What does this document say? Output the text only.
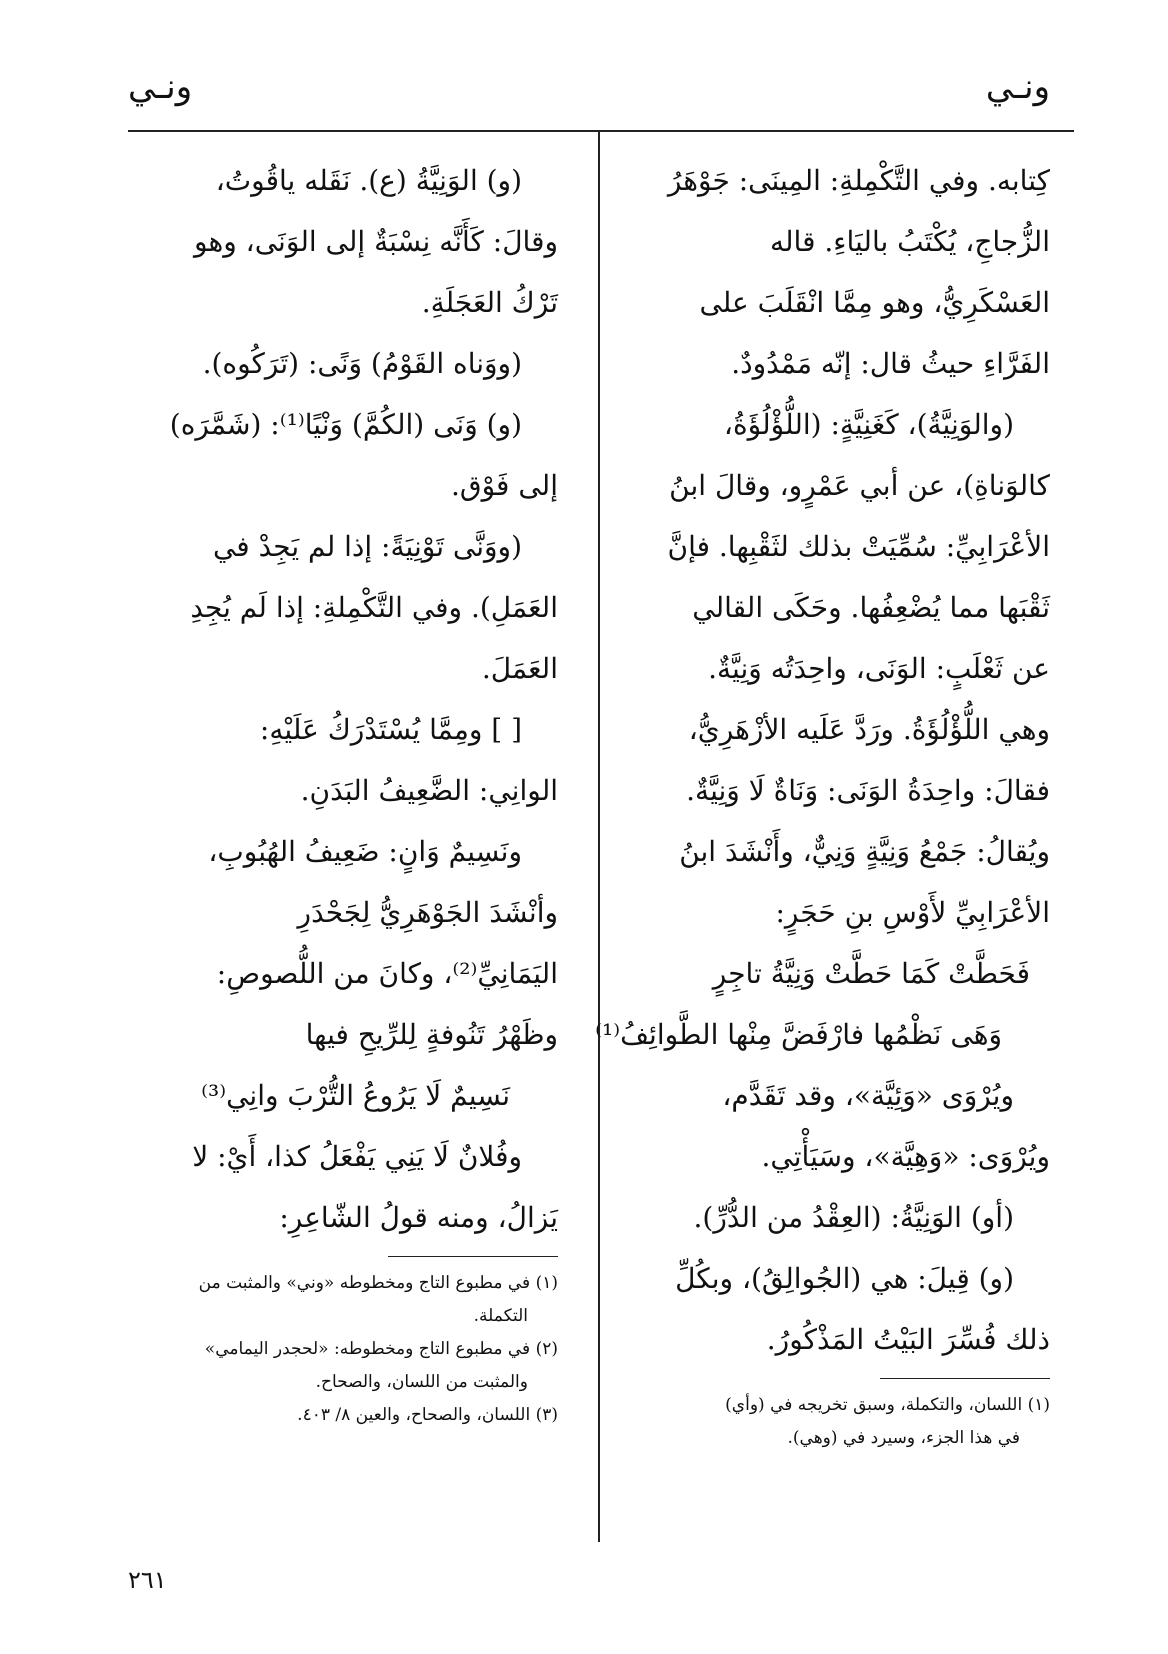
ونـي
ونـي
كِتابه. وفي التَّكْمِلةِ: المِينَى: جَوْهَرُ
الزُّجاجِ، يُكْتَبُ باليَاءِ. قاله
العَسْكَرِيُّ، وهو مِمَّا انْقَلَبَ على
الفَرَّاءِ حيثُ قال: إنّه مَمْدُودٌ.
(والوَنِيَّةُ)، كَغَنِيَّةٍ: (اللُّؤْلُؤَةُ،
كالوَناةِ)، عن أبي عَمْرٍو، وقالَ ابنُ
الأعْرَابِيِّ: سُمِّيَتْ بذلك لثَقْبِها. فإنَّ
ثَقْبَها مما يُضْعِفُها. وحَكَى القالي
عن ثَعْلَبٍ: الوَنَى، واحِدَتُه وَنِيَّةٌ.
وهي اللُّؤْلُؤَةُ. ورَدَّ عَلَيه الأزْهَرِيُّ،
فقالَ: واحِدَةُ الوَنَى: وَنَاةٌ لَا وَنِيَّةٌ.
ويُقالُ: جَمْعُ وَنِيَّةٍ وَنِيٌّ، وأَنْشَدَ ابنُ
الأعْرَابِيِّ لأَوْسِ بنِ حَجَرٍ:
فَحَطَّتْ كَمَا حَطَّتْ وَنِيَّةُ تاجِرٍ
وَهَى نَظْمُها فارْفَضَّ مِنْها الطَّوائِفُ⁽¹⁾
ويُرْوَى «وَئِيَّة»، وقد تَقَدَّم،
ويُرْوَى: «وَهِيَّة»، وسَيَأْتِي.
(أو) الوَنِيَّةُ: (العِقْدُ من الدُّرِّ).
(و) قِيلَ: هي (الجُوالِقُ)، وبكُلِّ
ذلك فُسِّرَ البَيْتُ المَذْكُورُ.
(١) اللسان، والتكملة، وسبق تخريجه في (وأي)
في هذا الجزء، وسيرد في (وهي).
(و) الوَنِيَّةُ (ع). نَقَله ياقُوتُ،
وقالَ: كَأَنَّه نِسْبَةٌ إلى الوَنَى، وهو
تَرْكُ العَجَلَةِ.
(ووَناه القَوْمُ) وَنًى: (تَرَكُوه).
(و) وَنَى (الكُمَّ) وَنْيًا⁽¹⁾: (شَمَّرَه)
إلى فَوْق.
(ووَنَّى تَوْنِيَةً: إذا لم يَجِدْ في
العَمَلِ). وفي التَّكْمِلةِ: إذا لَم يُجِدِ
العَمَلَ.
[ ] ومِمَّا يُسْتَدْرَكُ عَلَيْهِ:
الوانِي: الضَّعِيفُ البَدَنِ.
ونَسِيمٌ وَانٍ: ضَعِيفُ الهُبُوبِ،
وأنْشَدَ الجَوْهَرِيُّ لِجَحْدَرِ
اليَمَانِيِّ⁽²⁾، وكانَ من اللُّصوصِ:
وظَهْرُ تَنُوفةٍ لِلرِّيحِ فيها
نَسِيمٌ لَا يَرُوعُ التُّرْبَ وانِي⁽³⁾
وفُلانٌ لَا يَنِي يَفْعَلُ كذا، أَيْ: لا
يَزالُ، ومنه قولُ الشّاعِرِ:
(١) في مطبوع التاج ومخطوطه «وني» والمثبت من
التكملة.
(٢) في مطبوع التاج ومخطوطه: «لحجدر اليمامي»
والمثبت من اللسان، والصحاح.
(٣) اللسان، والصحاح، والعين ٨/ ٤٠٣.
٢٦١
